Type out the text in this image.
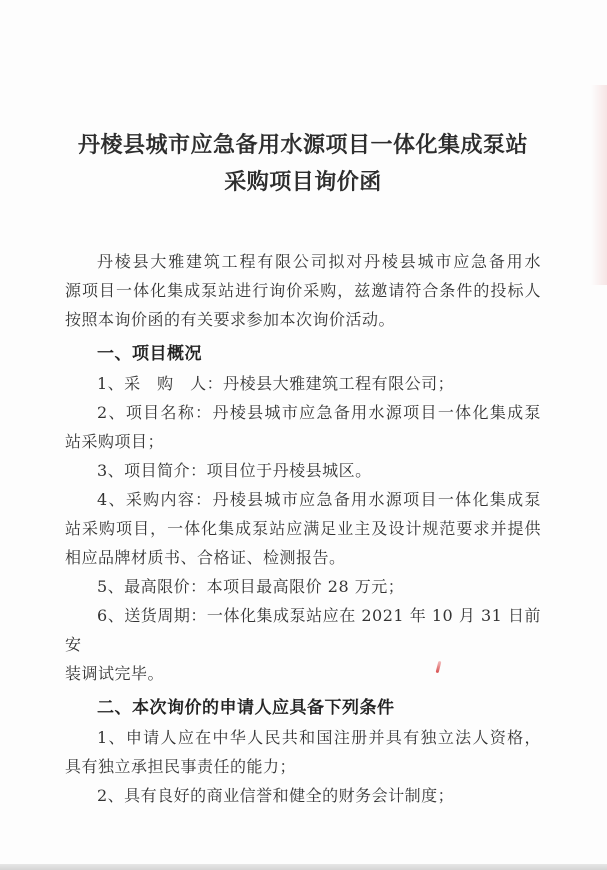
丹棱县城市应急备用水源项目一体化集成泵站
采购项目询价函
丹棱县大雅建筑工程有限公司拟对丹棱县城市应急备用水
源项目一体化集成泵站进行询价采购，兹邀请符合条件的投标人
按照本询价函的有关要求参加本次询价活动。
一、项目概况
1、采　购　人：丹棱县大雅建筑工程有限公司；
2、项目名称：丹棱县城市应急备用水源项目一体化集成泵
站采购项目；
3、项目简介：项目位于丹棱县城区。
4、采购内容：丹棱县城市应急备用水源项目一体化集成泵
站采购项目，一体化集成泵站应满足业主及设计规范要求并提供
相应品牌材质书、合格证、检测报告。
5、最高限价：本项目最高限价 28 万元；
6、送货周期：一体化集成泵站应在 2021 年 10 月 31 日前安
装调试完毕。
二、本次询价的申请人应具备下列条件
1、申请人应在中华人民共和国注册并具有独立法人资格，
具有独立承担民事责任的能力；
2、具有良好的商业信誉和健全的财务会计制度；
